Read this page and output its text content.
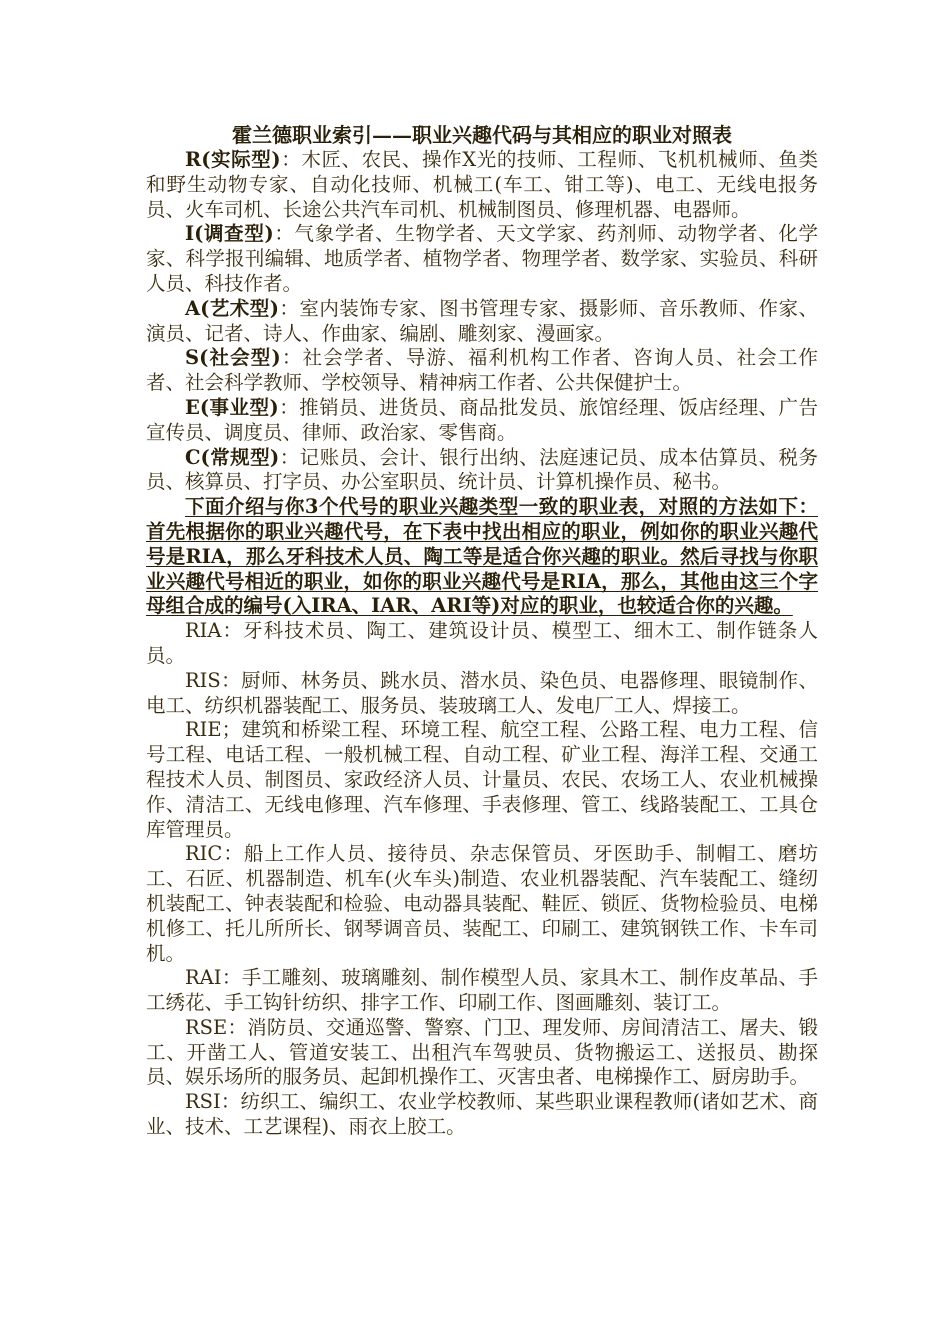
霍兰德职业索引——职业兴趣代码与其相应的职业对照表

R(实际型)：木匠、农民、操作X光的技师、工程师、飞机机械师、鱼类和野生动物专家、自动化技师、机械工(车工、钳工等)、电工、无线电报务员、火车司机、长途公共汽车司机、机械制图员、修理机器、电器师。

I(调查型)：气象学者、生物学者、天文学家、药剂师、动物学者、化学家、科学报刊编辑、地质学者、植物学者、物理学者、数学家、实验员、科研人员、科技作者。

A(艺术型)：室内装饰专家、图书管理专家、摄影师、音乐教师、作家、演员、记者、诗人、作曲家、编剧、雕刻家、漫画家。

S(社会型)：社会学者、导游、福利机构工作者、咨询人员、社会工作者、社会科学教师、学校领导、精神病工作者、公共保健护士。

E(事业型)：推销员、进货员、商品批发员、旅馆经理、饭店经理、广告宣传员、调度员、律师、政治家、零售商。

C(常规型)：记账员、会计、银行出纳、法庭速记员、成本估算员、税务员、核算员、打字员、办公室职员、统计员、计算机操作员、秘书。

下面介绍与你3个代号的职业兴趣类型一致的职业表，对照的方法如下：首先根据你的职业兴趣代号，在下表中找出相应的职业，例如你的职业兴趣代号是RIA，那么牙科技术人员、陶工等是适合你兴趣的职业。然后寻找与你职业兴趣代号相近的职业，如你的职业兴趣代号是RIA，那么，其他由这三个字母组合成的编号(入IRA、IAR、ARI等)对应的职业，也较适合你的兴趣。

RIA：牙科技术员、陶工、建筑设计员、模型工、细木工、制作链条人员。

RIS：厨师、林务员、跳水员、潜水员、染色员、电器修理、眼镜制作、电工、纺织机器装配工、服务员、装玻璃工人、发电厂工人、焊接工。

RIE；建筑和桥梁工程、环境工程、航空工程、公路工程、电力工程、信号工程、电话工程、一般机械工程、自动工程、矿业工程、海洋工程、交通工程技术人员、制图员、家政经济人员、计量员、农民、农场工人、农业机械操作、清洁工、无线电修理、汽车修理、手表修理、管工、线路装配工、工具仓库管理员。

RIC：船上工作人员、接待员、杂志保管员、牙医助手、制帽工、磨坊工、石匠、机器制造、机车(火车头)制造、农业机器装配、汽车装配工、缝纫机装配工、钟表装配和检验、电动器具装配、鞋匠、锁匠、货物检验员、电梯机修工、托儿所所长、钢琴调音员、装配工、印刷工、建筑钢铁工作、卡车司机。

RAI：手工雕刻、玻璃雕刻、制作模型人员、家具木工、制作皮革品、手工绣花、手工钩针纺织、排字工作、印刷工作、图画雕刻、装订工。

RSE：消防员、交通巡警、警察、门卫、理发师、房间清洁工、屠夫、锻工、开凿工人、管道安装工、出租汽车驾驶员、货物搬运工、送报员、勘探员、娱乐场所的服务员、起卸机操作工、灭害虫者、电梯操作工、厨房助手。

RSI：纺织工、编织工、农业学校教师、某些职业课程教师(诸如艺术、商业、技术、工艺课程)、雨衣上胶工。
